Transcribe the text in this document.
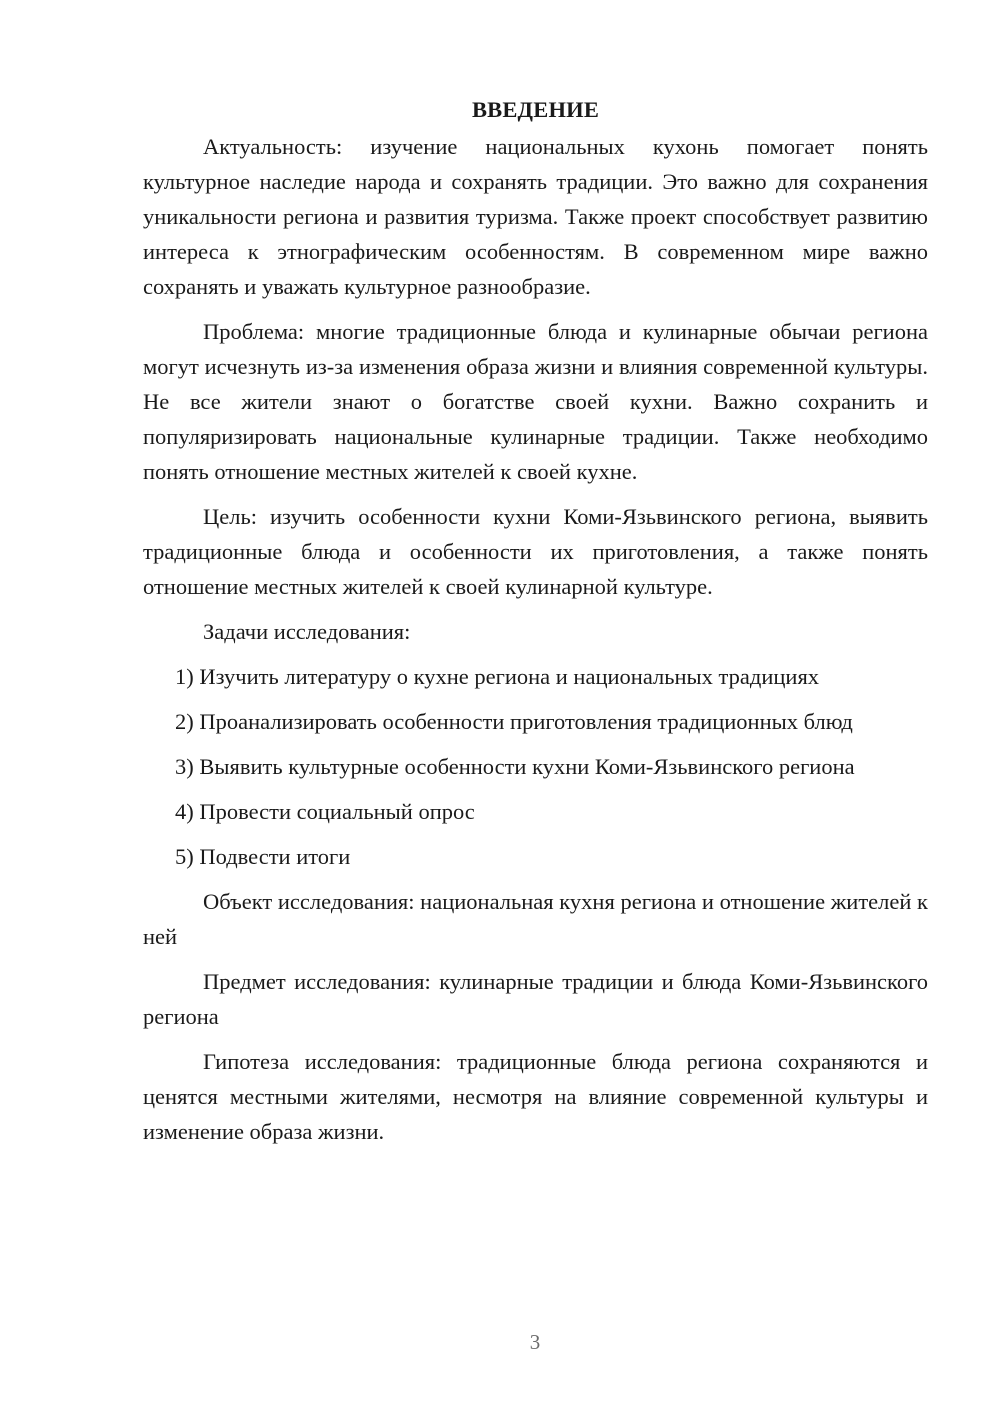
ВВЕДЕНИЕ

Актуальность: изучение национальных кухонь помогает понять культурное наследие народа и сохранять традиции. Это важно для сохранения уникальности региона и развития туризма. Также проект способствует развитию интереса к этнографическим особенностям. В современном мире важно сохранять и уважать культурное разнообразие.

Проблема: многие традиционные блюда и кулинарные обычаи региона могут исчезнуть из-за изменения образа жизни и влияния современной культуры. Не все жители знают о богатстве своей кухни. Важно сохранить и популяризировать национальные кулинарные традиции. Также необходимо понять отношение местных жителей к своей кухне.

Цель: изучить особенности кухни Коми-Язьвинского региона, выявить традиционные блюда и особенности их приготовления, а также понять отношение местных жителей к своей кулинарной культуре.

Задачи исследования:

1) Изучить литературу о кухне региона и национальных традициях

2) Проанализировать особенности приготовления традиционных блюд

3) Выявить культурные особенности кухни Коми-Язьвинского региона

4) Провести социальный опрос

5) Подвести итоги

Объект исследования: национальная кухня региона и отношение жителей к ней

Предмет исследования: кулинарные традиции и блюда Коми-Язьвинского региона

Гипотеза исследования: традиционные блюда региона сохраняются и ценятся местными жителями, несмотря на влияние современной культуры и изменение образа жизни.

3
